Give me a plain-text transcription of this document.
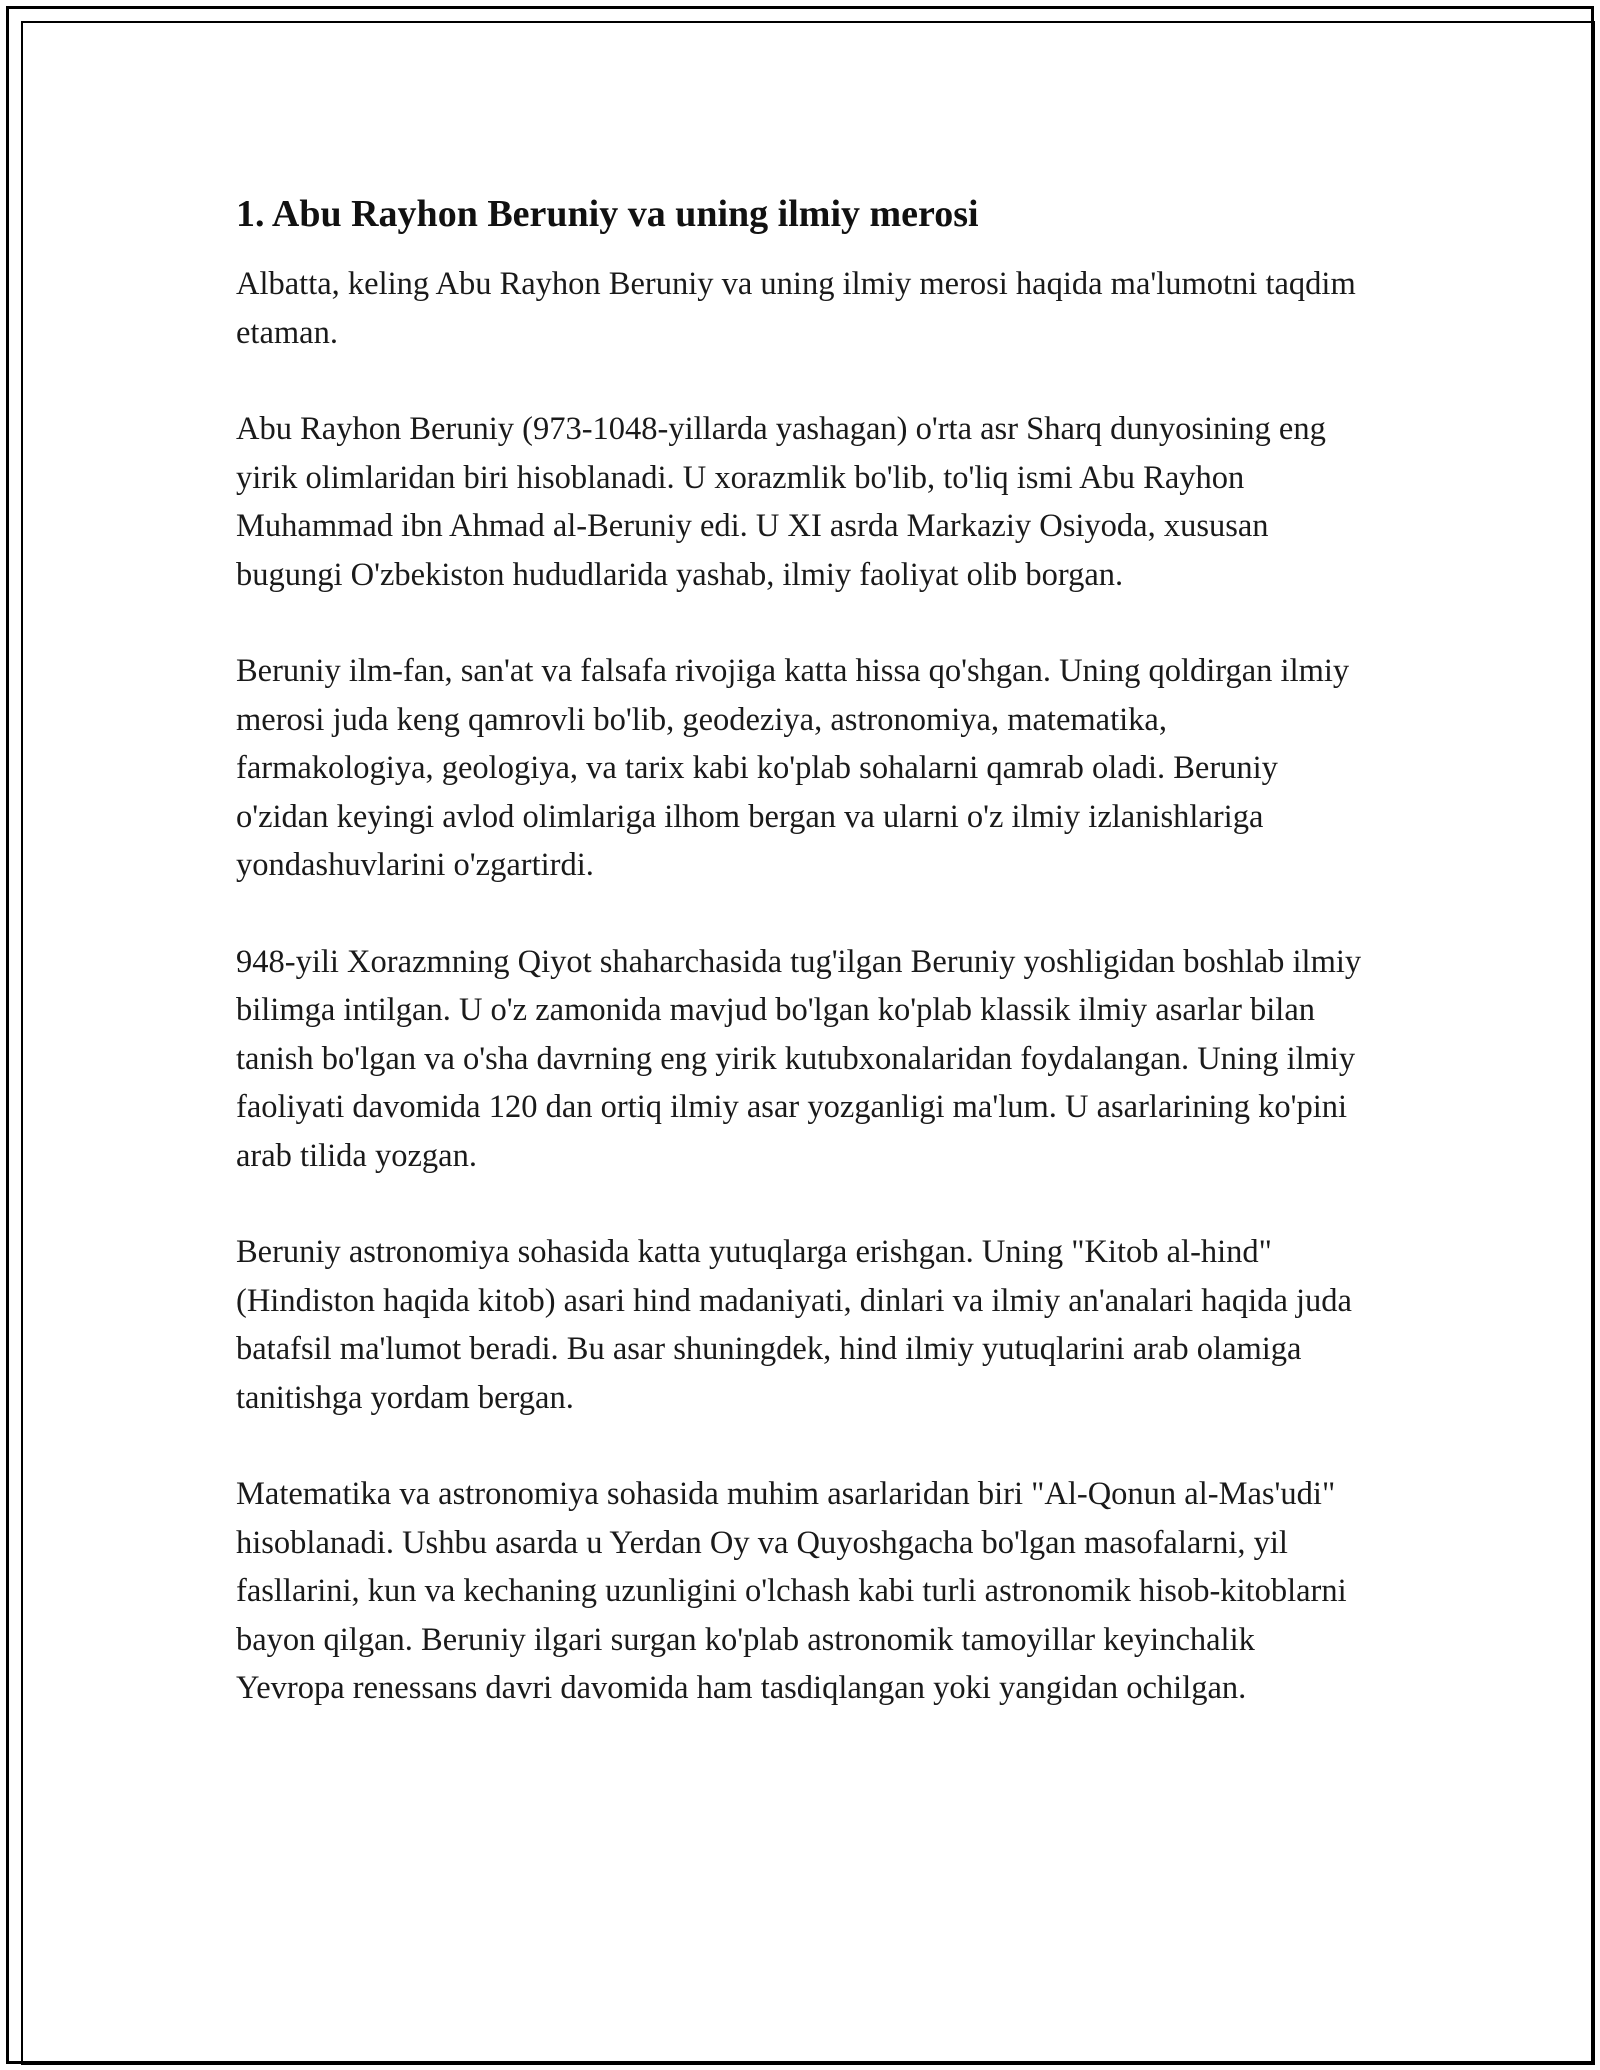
1. Abu Rayhon Beruniy va uning ilmiy merosi

Albatta, keling Abu Rayhon Beruniy va uning ilmiy merosi haqida ma'lumotni taqdim etaman.

Abu Rayhon Beruniy (973-1048-yillarda yashagan) o'rta asr Sharq dunyosining eng yirik olimlaridan biri hisoblanadi. U xorazmlik bo'lib, to'liq ismi Abu Rayhon Muhammad ibn Ahmad al-Beruniy edi. U XI asrda Markaziy Osiyoda, xususan bugungi O'zbekiston hududlarida yashab, ilmiy faoliyat olib borgan.

Beruniy ilm-fan, san'at va falsafa rivojiga katta hissa qo'shgan. Uning qoldirgan ilmiy merosi juda keng qamrovli bo'lib, geodeziya, astronomiya, matematika, farmakologiya, geologiya, va tarix kabi ko'plab sohalarni qamrab oladi. Beruniy o'zidan keyingi avlod olimlariga ilhom bergan va ularni o'z ilmiy izlanishlariga yondashuvlarini o'zgartirdi.

948-yili Xorazmning Qiyot shaharchasida tug'ilgan Beruniy yoshligidan boshlab ilmiy bilimga intilgan. U o'z zamonida mavjud bo'lgan ko'plab klassik ilmiy asarlar bilan tanish bo'lgan va o'sha davrning eng yirik kutubxonalaridan foydalangan. Uning ilmiy faoliyati davomida 120 dan ortiq ilmiy asar yozganligi ma'lum. U asarlarining ko'pini arab tilida yozgan.

Beruniy astronomiya sohasida katta yutuqlarga erishgan. Uning "Kitob al-hind" (Hindiston haqida kitob) asari hind madaniyati, dinlari va ilmiy an'analari haqida juda batafsil ma'lumot beradi. Bu asar shuningdek, hind ilmiy yutuqlarini arab olamiga tanitishga yordam bergan.

Matematika va astronomiya sohasida muhim asarlaridan biri "Al-Qonun al-Mas'udi" hisoblanadi. Ushbu asarda u Yerdan Oy va Quyoshgacha bo'lgan masofalarni, yil fasllarini, kun va kechaning uzunligini o'lchash kabi turli astronomik hisob-kitoblarni bayon qilgan. Beruniy ilgari surgan ko'plab astronomik tamoyillar keyinchalik Yevropa renessans davri davomida ham tasdiqlangan yoki yangidan ochilgan.
